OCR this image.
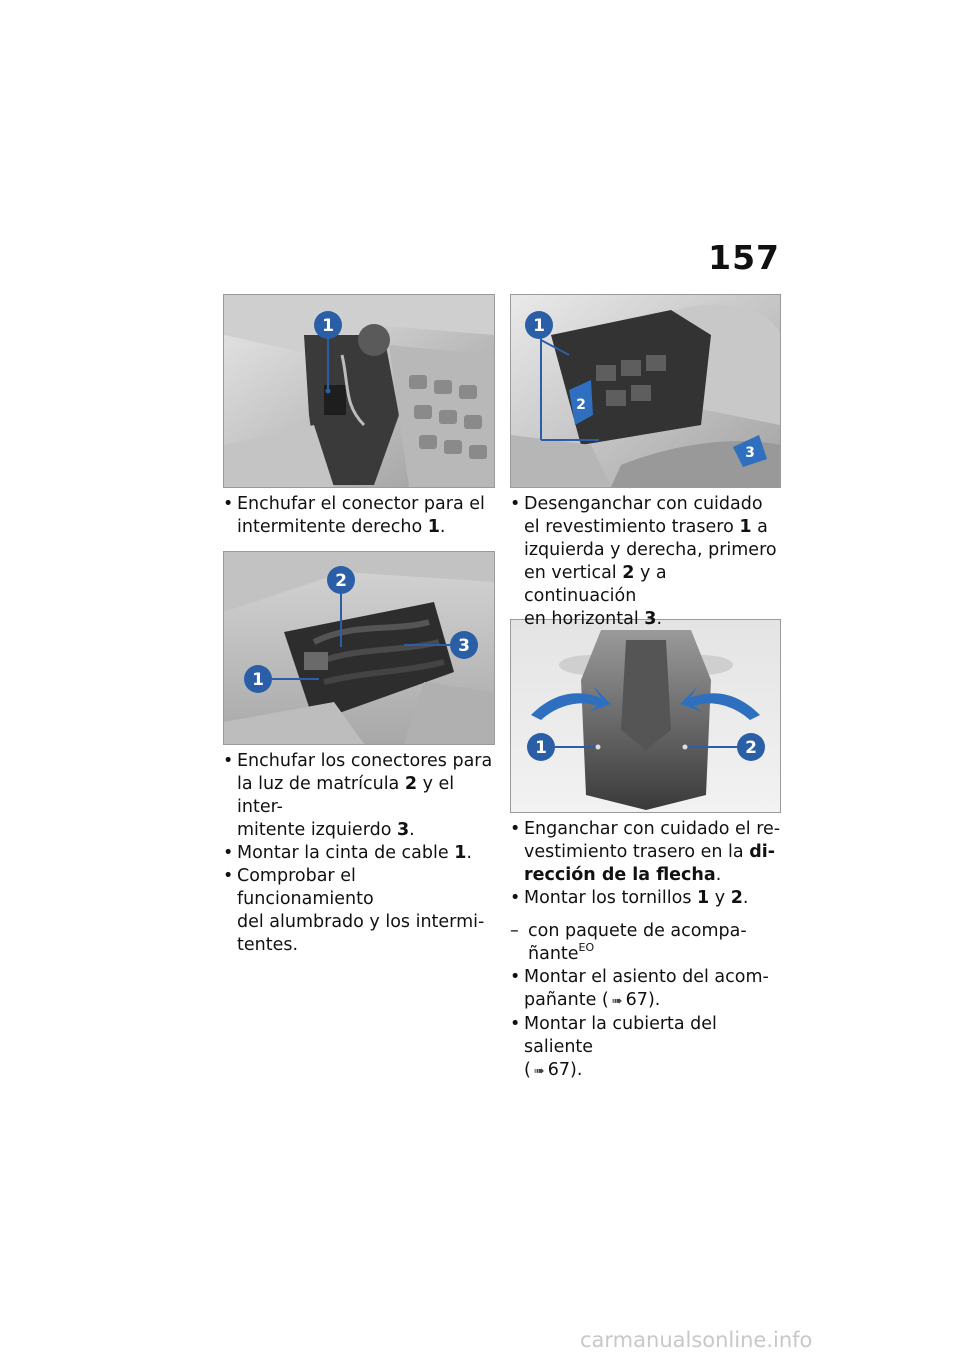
157
1
2
3
1
1
2
3
1	2
• Enchufar el conector para el
intermitente derecho 1.
• Enchufar los conectores para
la luz de matrícula 2 y el inter-
mitente izquierdo 3.
• Montar la cinta de cable 1.
• Comprobar el funcionamiento
del alumbrado y los intermi-
tentes.
• Desenganchar con cuidado
el revestimiento trasero 1 a
izquierda y derecha, primero
en vertical 2 y a continuación
en horizontal 3.
• Enganchar con cuidado el re-
vestimiento trasero en la di-
rección de la flecha.
• Montar los tornillos 1 y 2.
– con paquete de acompa-
ñante$^{EO}$
• Montar el asiento del acom-
pañante ( ➠ 67).
• Montar la cubierta del saliente
( ➠ 67).
carmanualsonline.info
